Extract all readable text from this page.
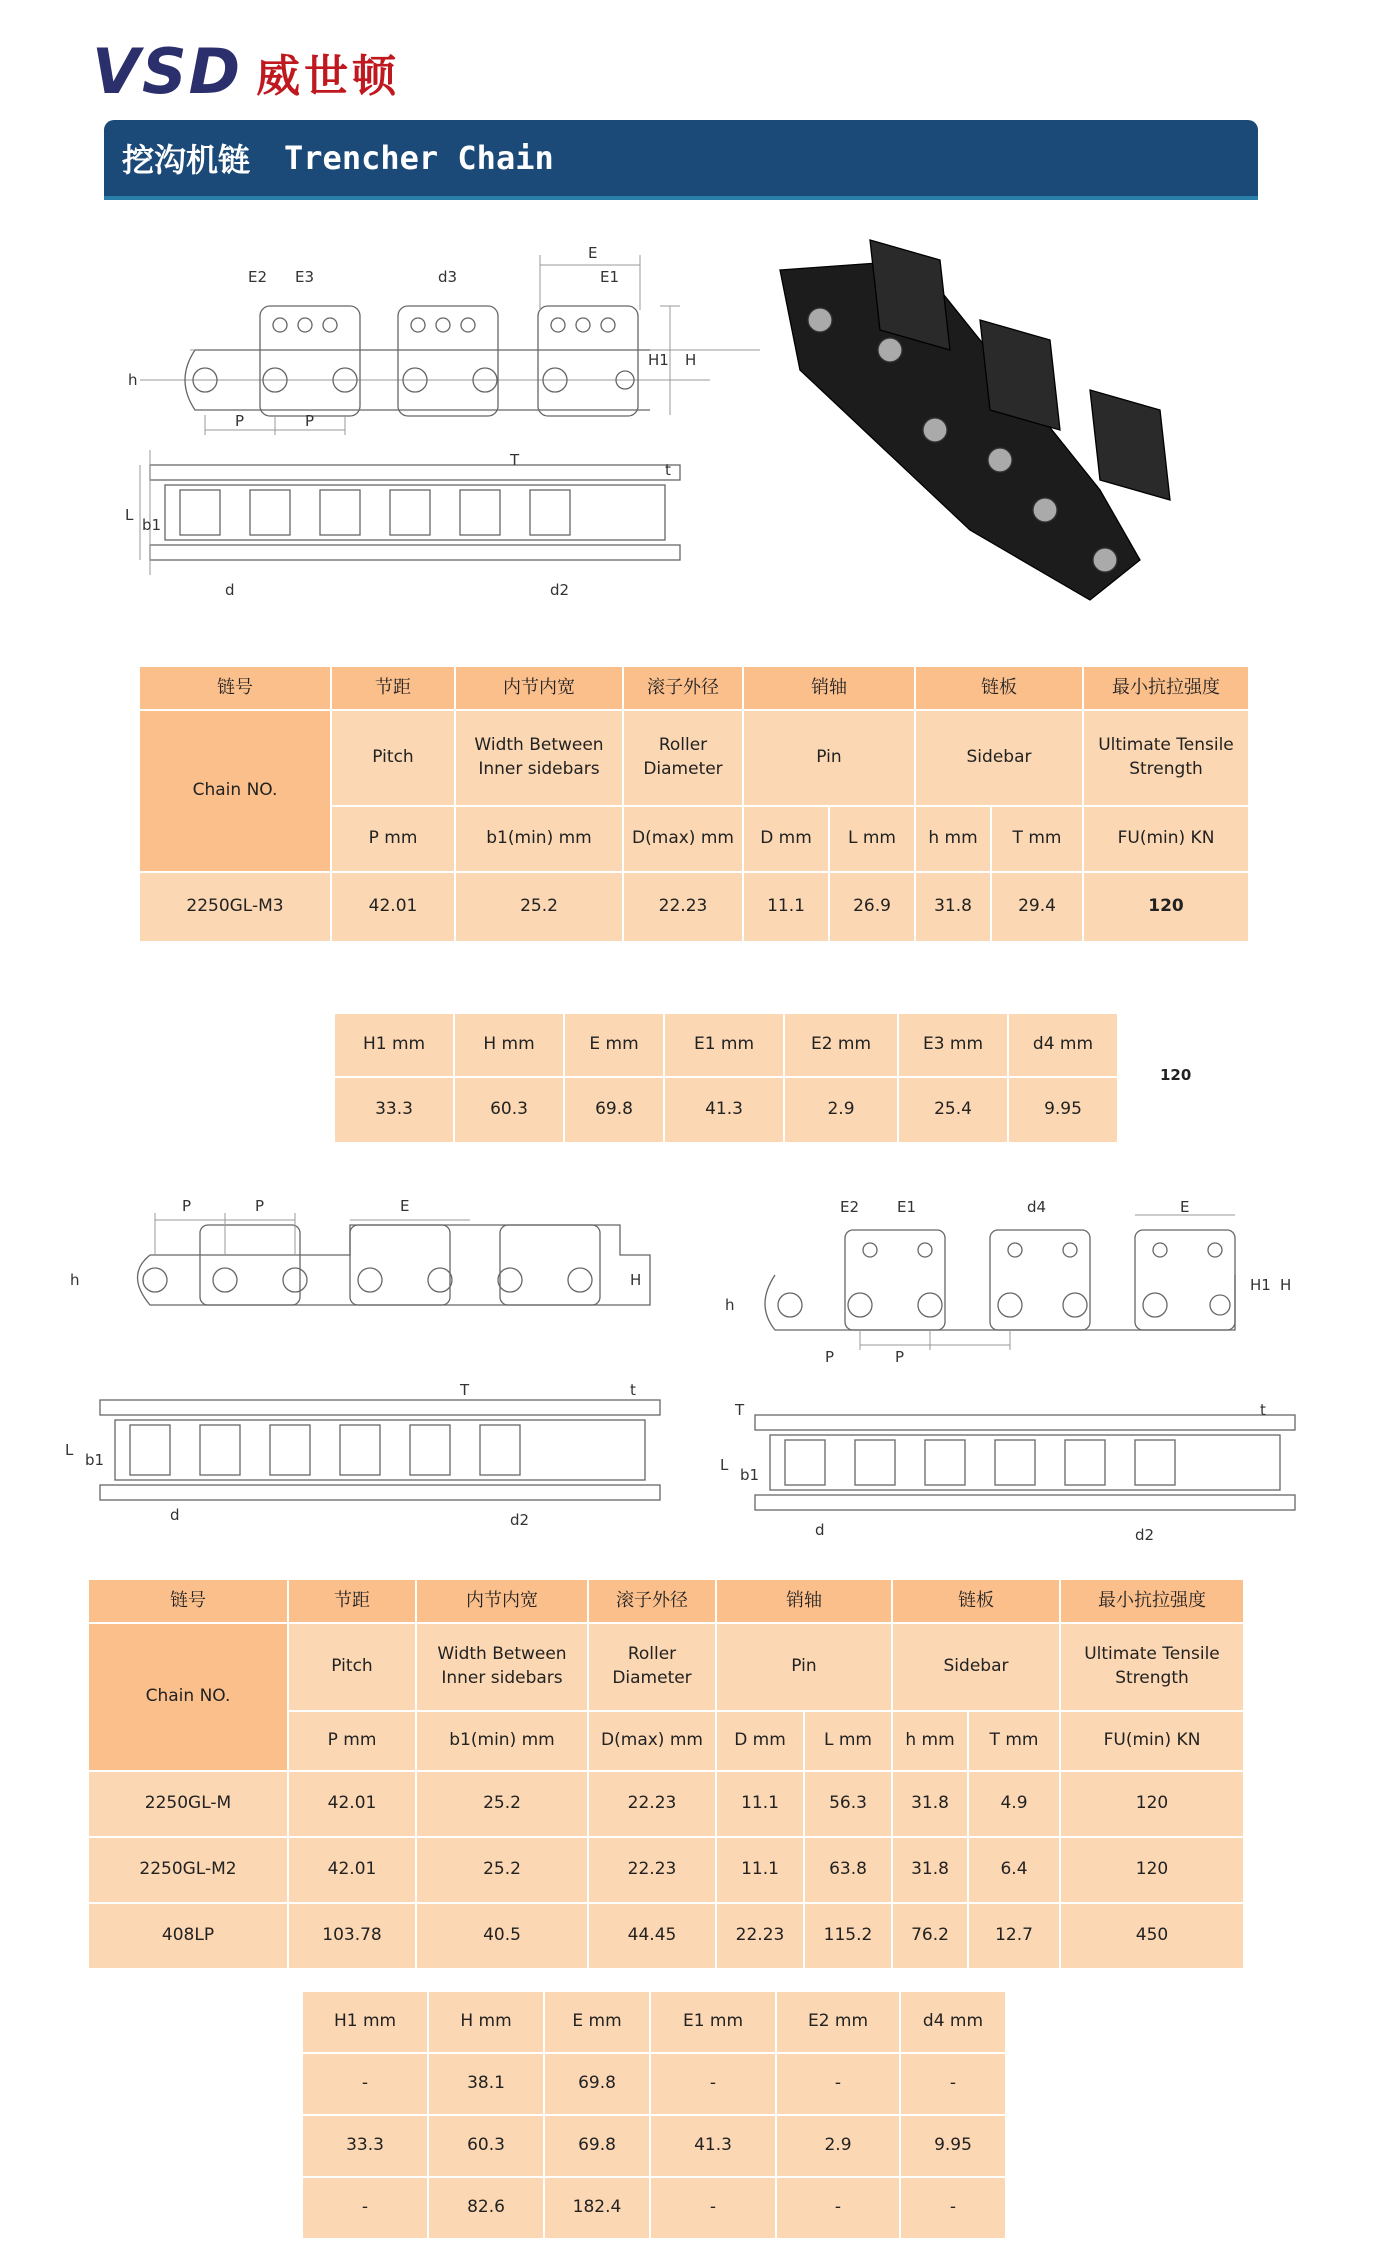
VSD 威世顿
挖沟机链 Trencher Chain
E2 E3	d3
E
E1
h
H1 H
P	P
L
b1
d	d2
T
t
链号	节距	内节内宽	滚子外径	销轴		链板		最小抗拉强度
Chain NO.	Pitch	Width Between Inner sidebars	Roller Diameter	Pin		Sidebar		Ultimate Tensile Strength
	P mm	b1(min) mm	D(max) mm	D mm	L mm	h mm	T mm	FU(min) KN
2250GL-M3	42.01	25.2	22.23	11.1	26.9	31.8	29.4	120
H1 mm	H mm	E mm	E1 mm	E2 mm	E3 mm	d4 mm
33.3	60.3	69.8	41.3	2.9	25.4	9.95
120
P	P	E
h	H
L
b1
d	d2
T	t
E2	E1	d4	E
h
H1 H
P	P
L
b1
d	d2
T	t
链号	节距	内节内宽	滚子外径	销轴		链板		最小抗拉强度
Chain NO.	Pitch	Width Between Inner sidebars	Roller Diameter	Pin		Sidebar		Ultimate Tensile Strength
	P mm	b1(min) mm	D(max) mm	D mm	L mm	h mm	T mm	FU(min) KN
2250GL-M	42.01	25.2	22.23	11.1	56.3	31.8	4.9	120
2250GL-M2	42.01	25.2	22.23	11.1	63.8	31.8	6.4	120
408LP	103.78	40.5	44.45	22.23	115.2	76.2	12.7	450
H1 mm	H mm	E mm	E1 mm	E2 mm	d4 mm
-	38.1	69.8	-	-	-
33.3	60.3	69.8	41.3	2.9	9.95
-	82.6	182.4	-	-	-
